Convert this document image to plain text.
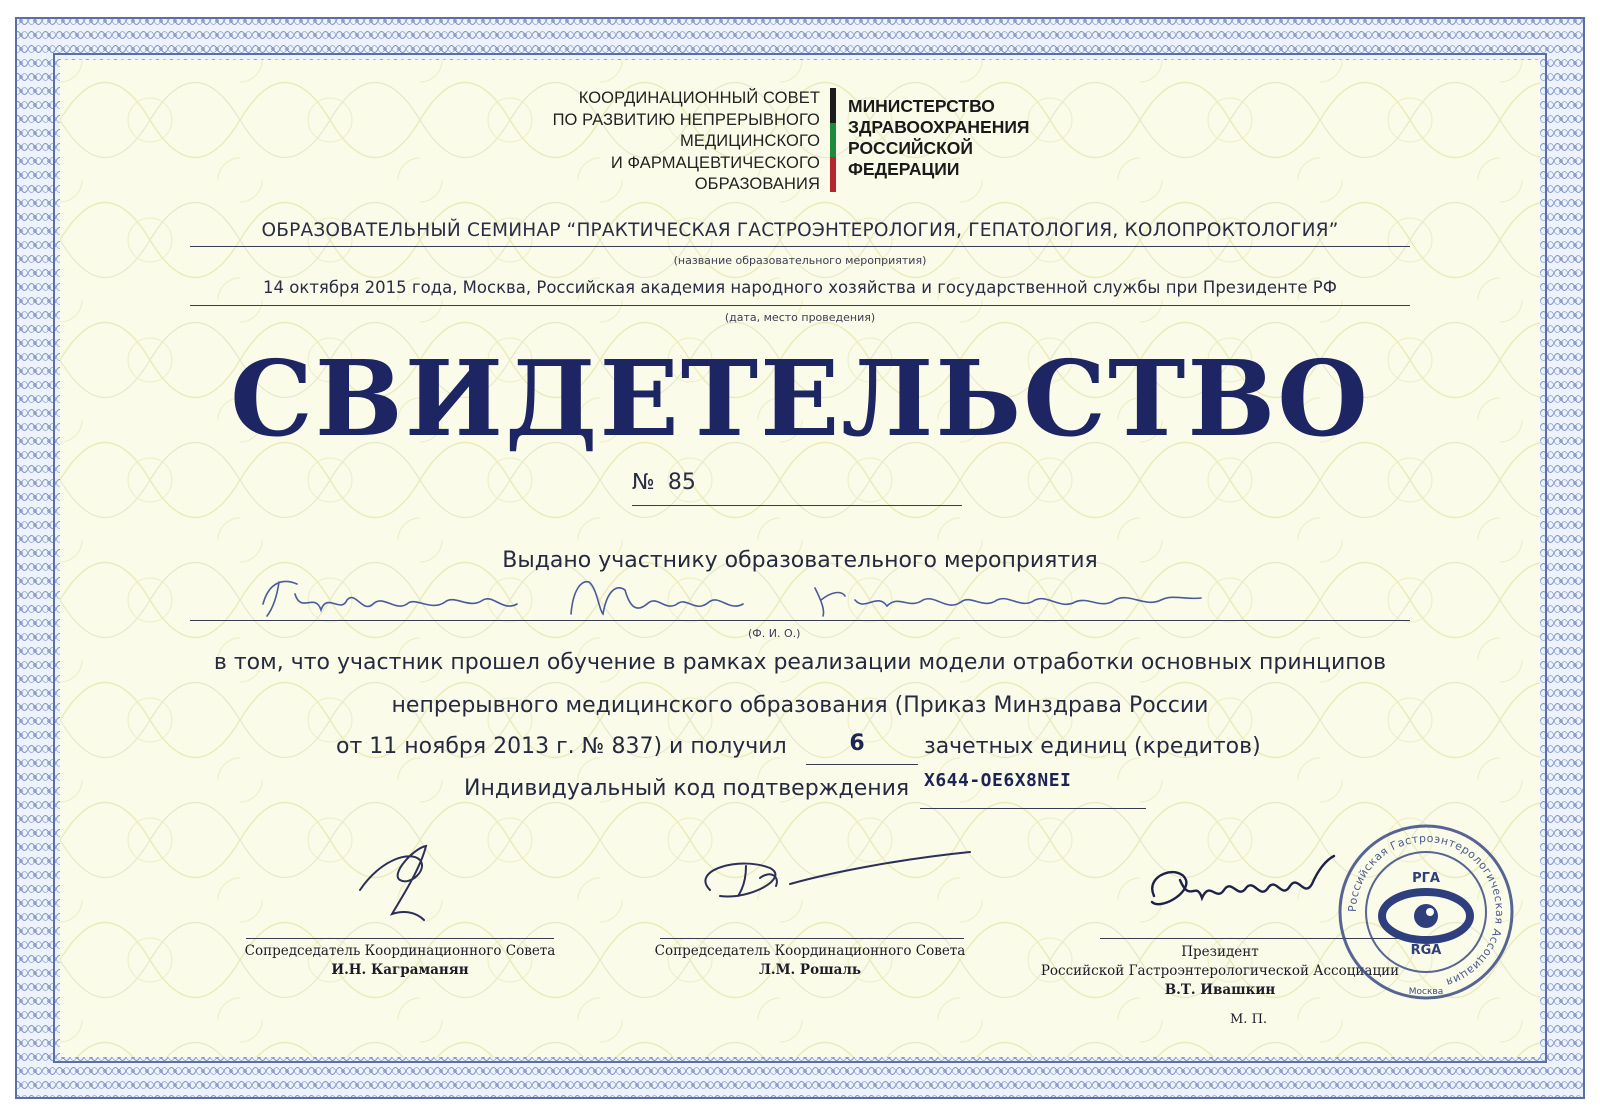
КООРДИНАЦИОННЫЙ СОВЕТ
ПО РАЗВИТИЮ НЕПРЕРЫВНОГО
МЕДИЦИНСКОГО
И ФАРМАЦЕВТИЧЕСКОГО
ОБРАЗОВАНИЯ
МИНИСТЕРСТВО
ЗДРАВООХРАНЕНИЯ
РОССИЙСКОЙ
ФЕДЕРАЦИИ
ОБРАЗОВАТЕЛЬНЫЙ СЕМИНАР “ПРАКТИЧЕСКАЯ ГАСТРОЭНТЕРОЛОГИЯ, ГЕПАТОЛОГИЯ, КОЛОПРОКТОЛОГИЯ”
(название образовательного мероприятия)
14 октября 2015 года, Москва, Российская академия народного хозяйства и государственной службы при Президенте РФ
(дата, место проведения)
СВИДЕТЕЛЬСТВО
№ 85
Выдано участнику образовательного мероприятия
(Ф. И. О.)
в том, что участник прошел обучение в рамках реализации модели отработки основных принципов
непрерывного медицинского образования (Приказ Минздрава России
от 11 ноября 2013 г. № 837) и получил	6	зачетных единиц (кредитов)
Индивидуальный код подтверждения X644-OE6X8NEI
Сопредседатель Координационного Совета
И.Н. Каграманян
Сопредседатель Координационного Совета
Л.М. Рошаль
Президент
Российской Гастроэнтерологической Ассоциации
В.Т. Ивашкин
Российская Гастроэнтерологическая Ассоциация
РГА
RGA
Москва
М. П.
